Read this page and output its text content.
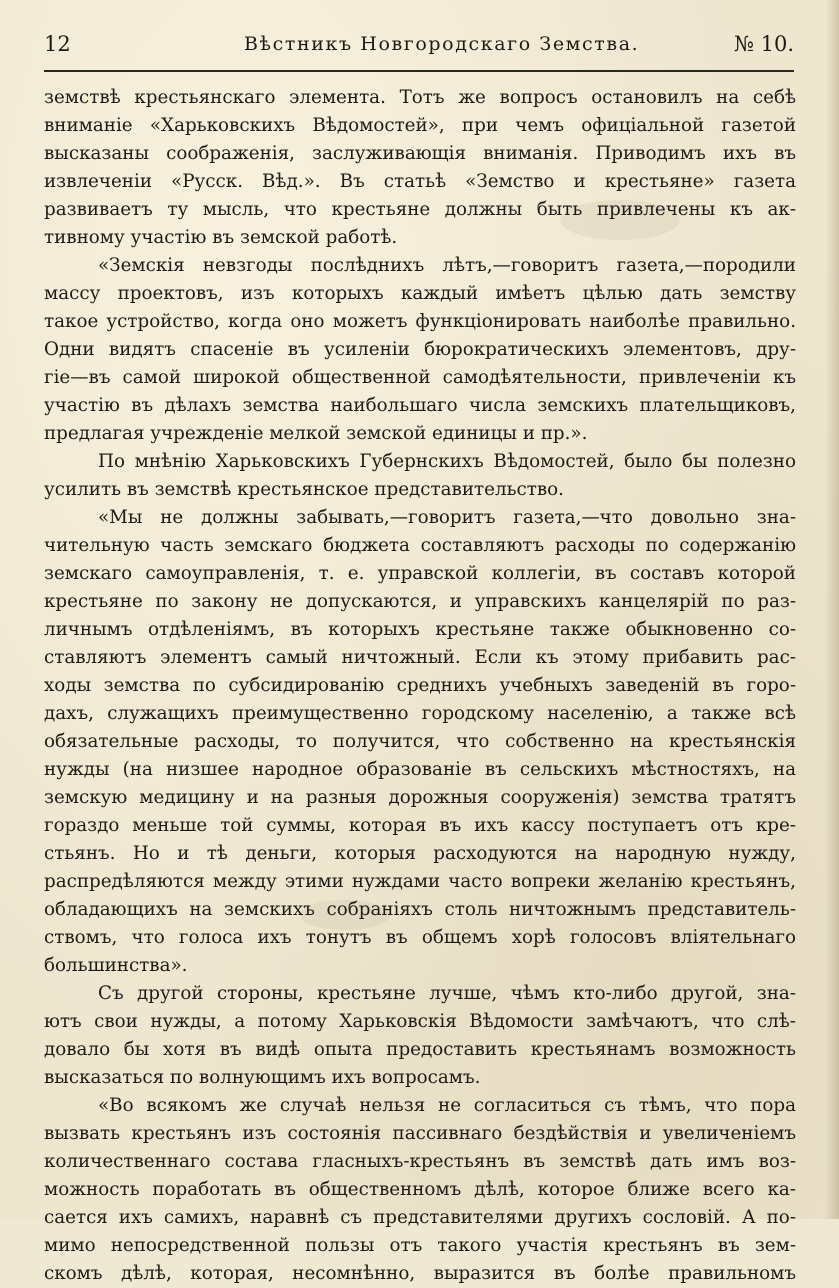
12	Вѣстникъ Новгородскаго Земства.	№ 10.
земствѣ крестьянскаго элемента. Тотъ же вопросъ остановилъ на себѣ
вниманіе «Харьковскихъ Вѣдомостей», при чемъ офиціальной газетой
высказаны соображенія, заслуживающія вниманія. Приводимъ ихъ въ
извлеченіи «Русск. Вѣд.». Въ статьѣ «Земство и крестьяне» газета
развиваетъ ту мысль, что крестьяне должны быть привлечены къ ак-
тивному участію въ земской работѣ.
«Земскія невзгоды послѣднихъ лѣтъ,—говоритъ газета,—породили
массу проектовъ, изъ которыхъ каждый имѣетъ цѣлью дать земству
такое устройство, когда оно можетъ функціонировать наиболѣе правильно.
Одни видятъ спасеніе въ усиленіи бюрократическихъ элементовъ, дру-
гіе—въ самой широкой общественной самодѣятельности, привлеченіи къ
участію въ дѣлахъ земства наибольшаго числа земскихъ плательщиковъ,
предлагая учрежденіе мелкой земской единицы и пр.».
По мнѣнію Харьковскихъ Губернскихъ Вѣдомостей, было бы полезно
усилить въ земствѣ крестьянское представительство.
«Мы не должны забывать,—говоритъ газета,—что довольно зна-
чительную часть земскаго бюджета составляютъ расходы по содержанію
земскаго самоуправленія, т. е. управской коллегіи, въ составъ которой
крестьяне по закону не допускаются, и управскихъ канцелярій по раз-
личнымъ отдѣленіямъ, въ которыхъ крестьяне также обыкновенно со-
ставляютъ элементъ самый ничтожный. Если къ этому прибавить рас-
ходы земства по субсидированію среднихъ учебныхъ заведеній въ горо-
дахъ, служащихъ преимущественно городскому населенію, а также всѣ
обязательные расходы, то получится, что собственно на крестьянскія
нужды (на низшее народное образованіе въ сельскихъ мѣстностяхъ, на
земскую медицину и на разныя дорожныя сооруженія) земства тратятъ
гораздо меньше той суммы, которая въ ихъ кассу поступаетъ отъ кре-
стьянъ. Но и тѣ деньги, которыя расходуются на народную нужду,
распредѣляются между этими нуждами часто вопреки желанію крестьянъ,
обладающихъ на земскихъ собраніяхъ столь ничтожнымъ представитель-
ствомъ, что голоса ихъ тонутъ въ общемъ хорѣ голосовъ вліятельнаго
большинства».
Съ другой стороны, крестьяне лучше, чѣмъ кто-либо другой, зна-
ютъ свои нужды, а потому Харьковскія Вѣдомости замѣчаютъ, что слѣ-
довало бы хотя въ видѣ опыта предоставить крестьянамъ возможность
высказаться по волнующимъ ихъ вопросамъ.
«Во всякомъ же случаѣ нельзя не согласиться съ тѣмъ, что пора
вызвать крестьянъ изъ состоянія пассивнаго бездѣйствія и увеличеніемъ
количественнаго состава гласныхъ-крестьянъ въ земствѣ дать имъ воз-
можность поработать въ общественномъ дѣлѣ, которое ближе всего ка-
сается ихъ самихъ, наравнѣ съ представителями другихъ сословій. А по-
мимо непосредственной пользы отъ такого участія крестьянъ въ зем-
скомъ дѣлѣ, которая, несомнѣнно, выразится въ болѣе правильномъ
